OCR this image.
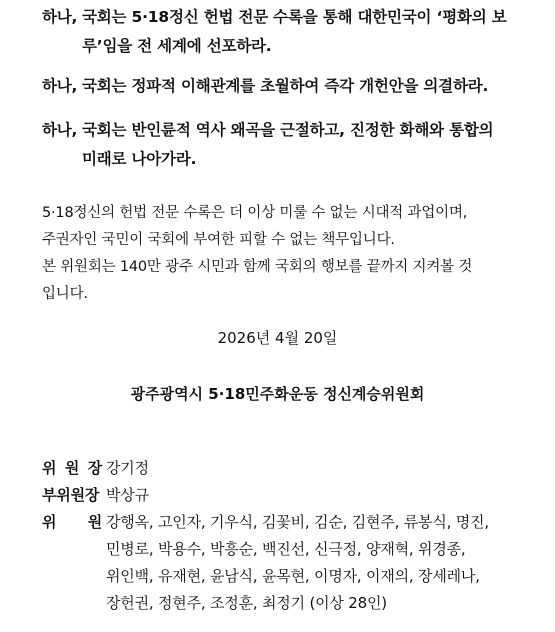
하나, 국회는 5·18정신 헌법 전문 수록을 통해 대한민국이 ‘평화의 보
루’임을 전 세계에 선포하라.
하나, 국회는 정파적 이해관계를 초월하여 즉각 개헌안을 의결하라.
하나, 국회는 반인륜적 역사 왜곡을 근절하고, 진정한 화해와 통합의
미래로 나아가라.
5·18정신의 헌법 전문 수록은 더 이상 미룰 수 없는 시대적 과업이며,
주권자인 국민이 국회에 부여한 피할 수 없는 책무입니다.
본 위원회는 140만 광주 시민과 함께 국회의 행보를 끝까지 지켜볼 것
입니다.
2026년 4월 20일
광주광역시 5·18민주화운동 정신계승위원회
위 원 장 강기정
부위원장 박상규
위 원 강행옥, 고인자, 기우식, 김꽃비, 김순, 김현주, 류봉식, 명진,
민병로, 박용수, 박흥순, 백진선, 신극정, 양재혁, 위경종,
위인백, 유재현, 윤남식, 윤목현, 이명자, 이재의, 장세레나,
장헌권, 정현주, 조정훈, 최정기 (이상 28인)
